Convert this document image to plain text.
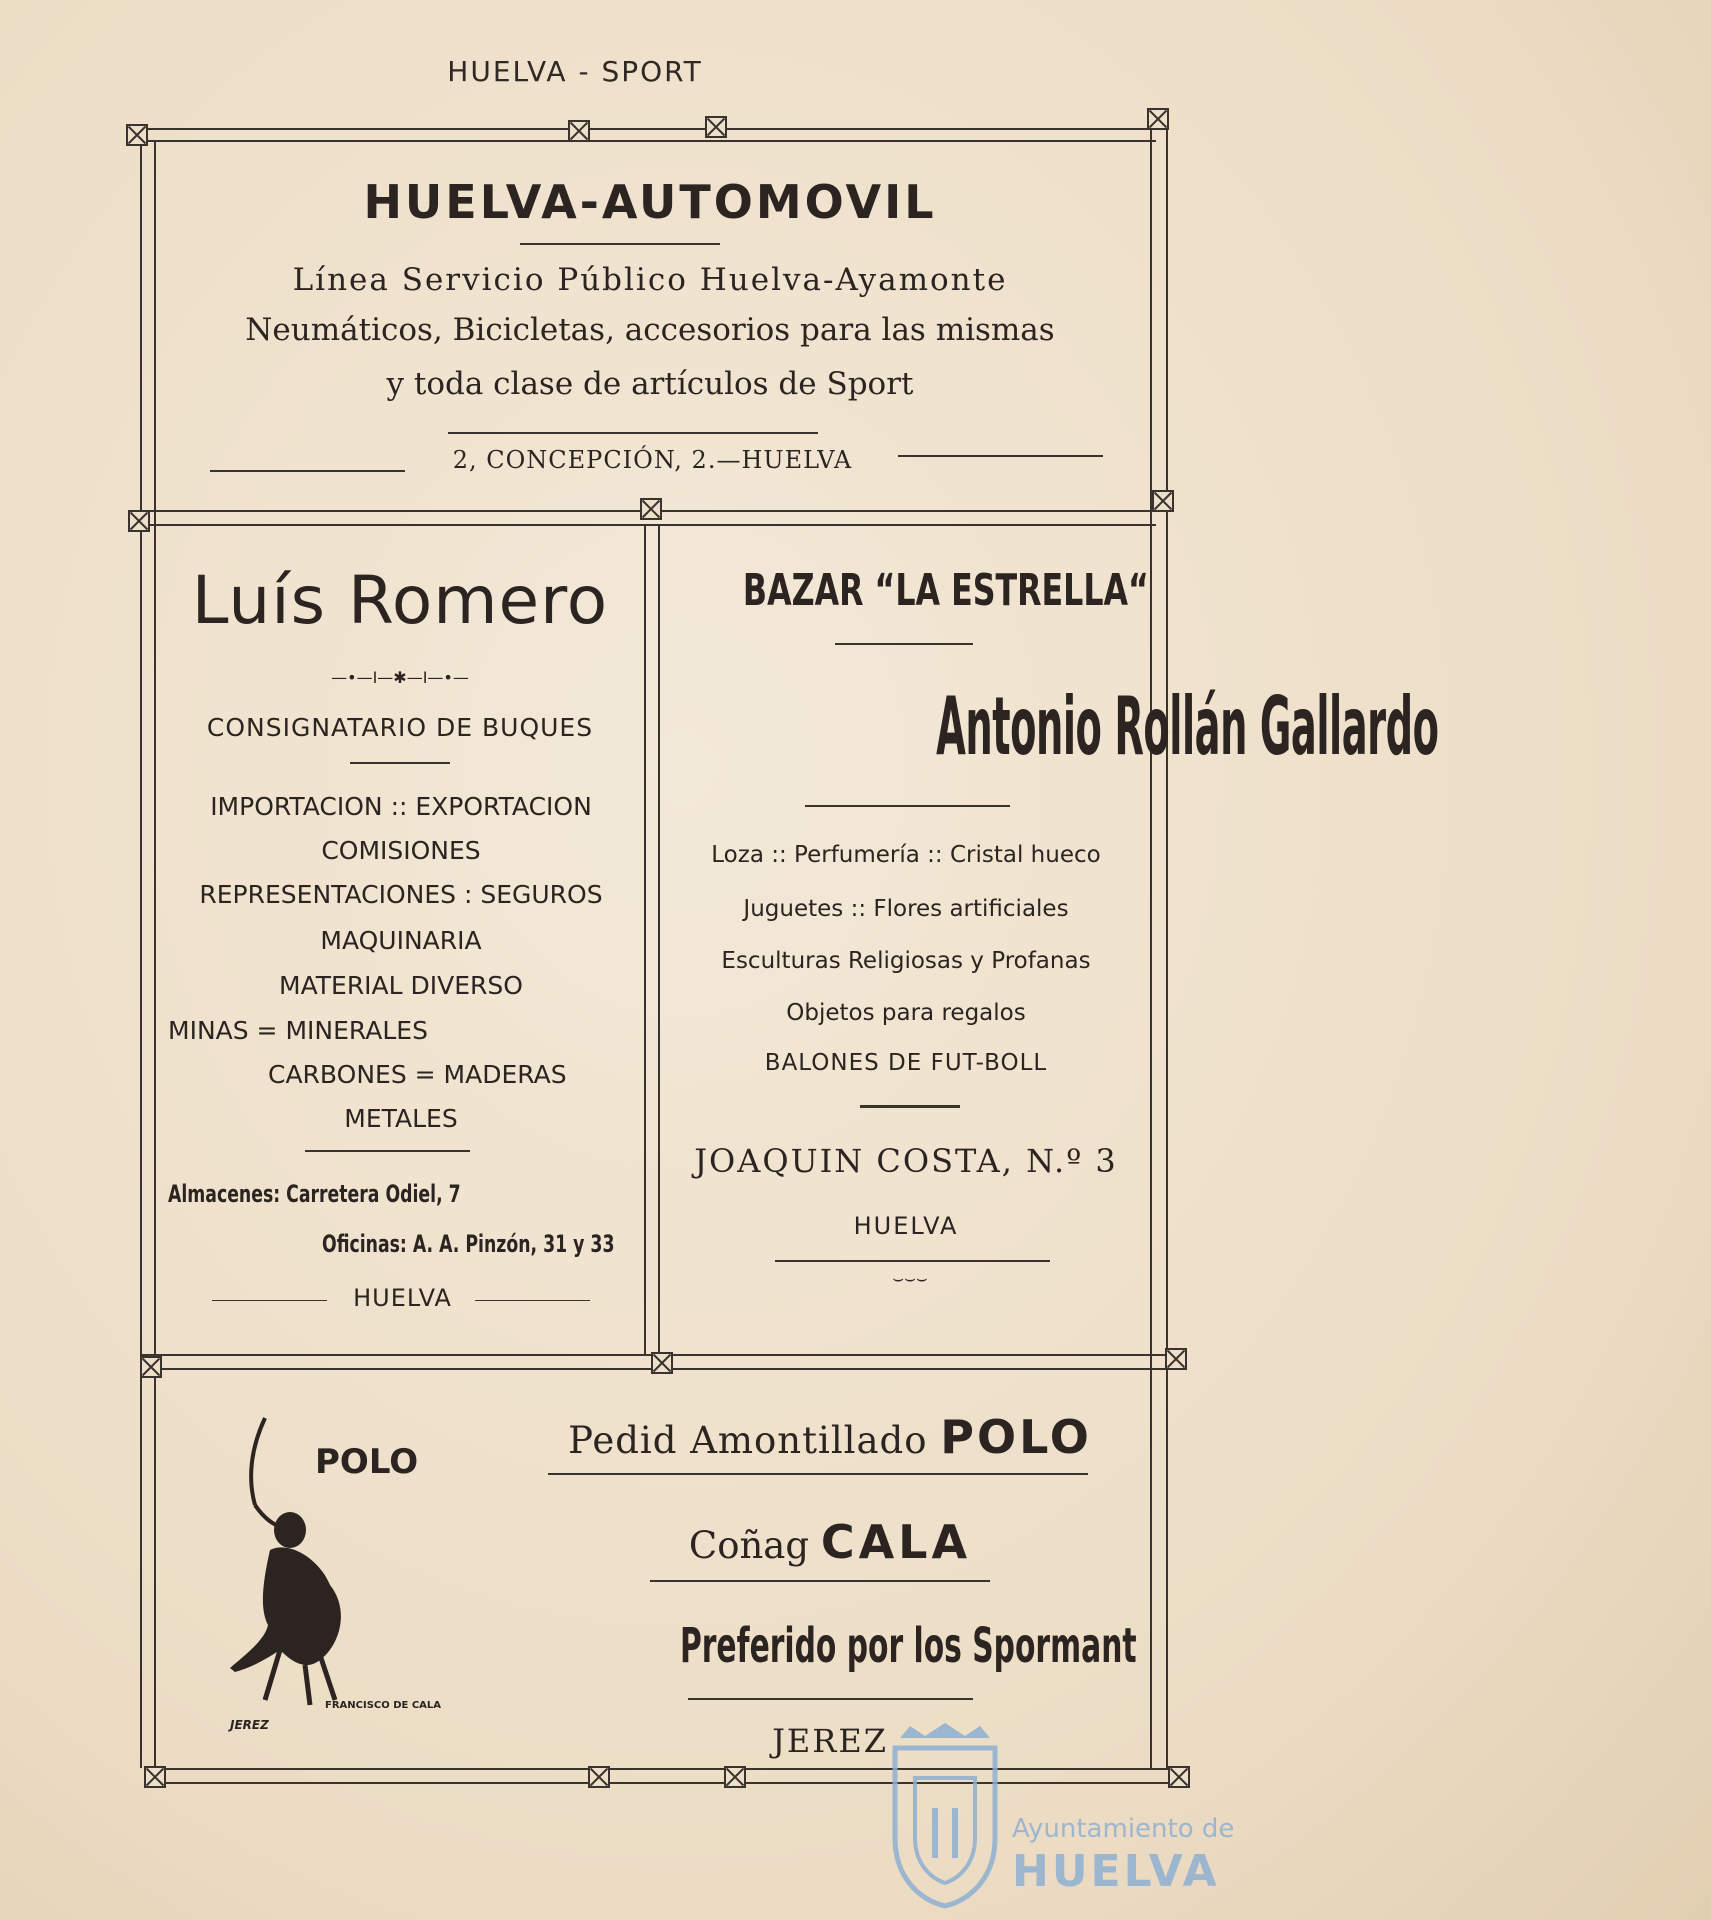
HUELVA - SPORT
HUELVA-AUTOMOVIL
Línea Servicio Público Huelva-Ayamonte
Neumáticos, Bicicletas, accesorios para las mismas
y toda clase de artículos de Sport
2, CONCEPCIÓN, 2.—HUELVA
Luís Romero
—•—I—✱—I—•—
CONSIGNATARIO DE BUQUES
IMPORTACION :: EXPORTACION
COMISIONES
REPRESENTACIONES : SEGUROS
MAQUINARIA
MATERIAL DIVERSO
MINAS = MINERALES
CARBONES = MADERAS
METALES
Almacenes: Carretera Odiel, 7
Oficinas: A. A. Pinzón, 31 y 33
HUELVA
BAZAR “LA ESTRELLA“
Antonio Rollán Gallardo
Loza :: Perfumería :: Cristal hueco
Juguetes :: Flores artificiales
Esculturas Religiosas y Profanas
Objetos para regalos
BALONES DE FUT-BOLL
JOAQUIN COSTA, N.º 3
HUELVA
⌣⌣⌣
POLO
FRANCISCO DE CALA
JEREZ
Pedid Amontillado POLO
Coñag CALA
Preferido por los Spormant
JEREZ
Ayuntamiento de
HUELVA
